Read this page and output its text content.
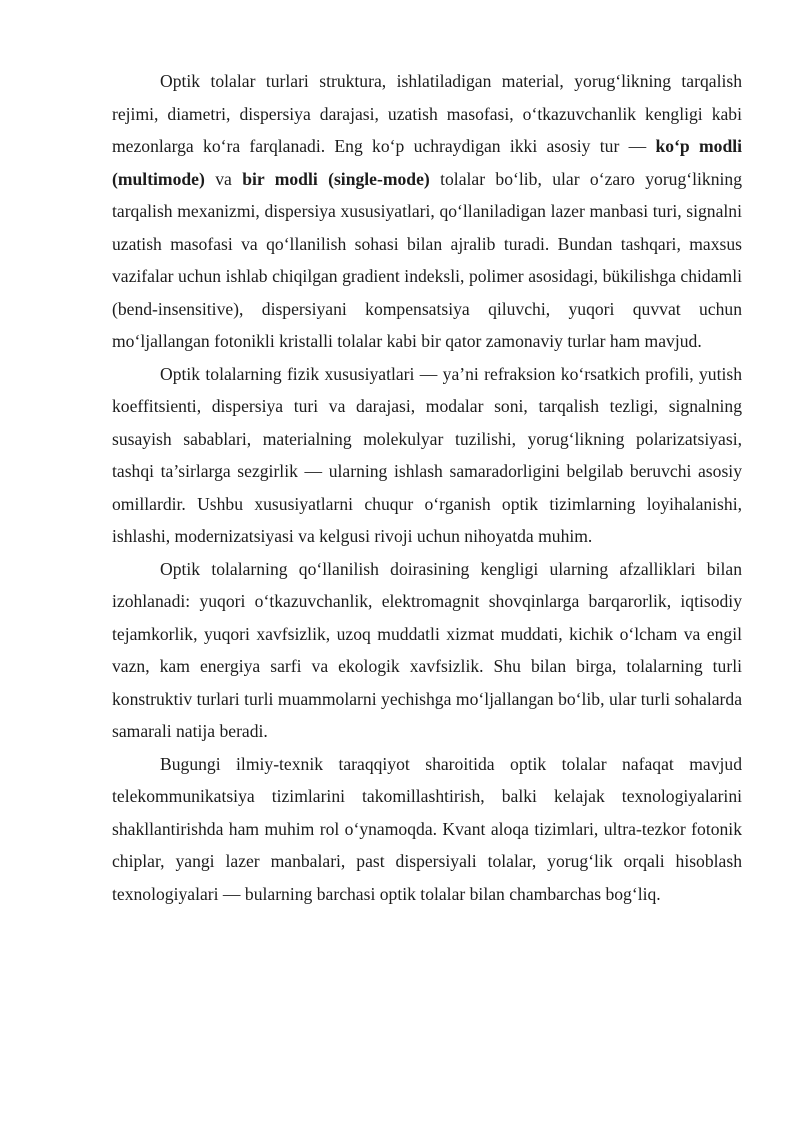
Optik tolalar turlari struktura, ishlatiladigan material, yorug‘likning tarqalish rejimi, diametri, dispersiya darajasi, uzatish masofasi, o‘tkazuvchanlik kengligi kabi mezonlarga ko‘ra farqlanadi. Eng ko‘p uchraydigan ikki asosiy tur — ko‘p modli (multimode) va bir modli (single-mode) tolalar bo‘lib, ular o‘zaro yorug‘likning tarqalish mexanizmi, dispersiya xususiyatlari, qo‘llaniladigan lazer manbasi turi, signalni uzatish masofasi va qo‘llanilish sohasi bilan ajralib turadi. Bundan tashqari, maxsus vazifalar uchun ishlab chiqilgan gradient indeksli, polimer asosidagi, bükilishga chidamli (bend-insensitive), dispersiyani kompensatsiya qiluvchi, yuqori quvvat uchun mo‘ljallangan fotonikli kristalli tolalar kabi bir qator zamonaviy turlar ham mavjud.

Optik tolalarning fizik xususiyatlari — ya’ni refraksion ko‘rsatkich profili, yutish koeffitsienti, dispersiya turi va darajasi, modalar soni, tarqalish tezligi, signalning susayish sabablari, materialning molekulyar tuzilishi, yorug‘likning polarizatsiyasi, tashqi ta’sirlarga sezgirlik — ularning ishlash samaradorligini belgilab beruvchi asosiy omillardir. Ushbu xususiyatlarni chuqur o‘rganish optik tizimlarning loyihalanishi, ishlashi, modernizatsiyasi va kelgusi rivoji uchun nihoyatda muhim.

Optik tolalarning qo‘llanilish doirasining kengligi ularning afzalliklari bilan izohlanadi: yuqori o‘tkazuvchanlik, elektromagnit shovqinlarga barqarorlik, iqtisodiy tejamkorlik, yuqori xavfsizlik, uzoq muddatli xizmat muddati, kichik o‘lcham va engil vazn, kam energiya sarfi va ekologik xavfsizlik. Shu bilan birga, tolalarning turli konstruktiv turlari turli muammolarni yechishga mo‘ljallangan bo‘lib, ular turli sohalarda samarali natija beradi.

Bugungi ilmiy-texnik taraqqiyot sharoitida optik tolalar nafaqat mavjud telekommunikatsiya tizimlarini takomillashtirish, balki kelajak texnologiyalarini shakllantirishda ham muhim rol o‘ynamoqda. Kvant aloqa tizimlari, ultra-tezkor fotonik chiplar, yangi lazer manbalari, past dispersiyali tolalar, yorug‘lik orqali hisoblash texnologiyalari — bularning barchasi optik tolalar bilan chambarchas bog‘liq.
